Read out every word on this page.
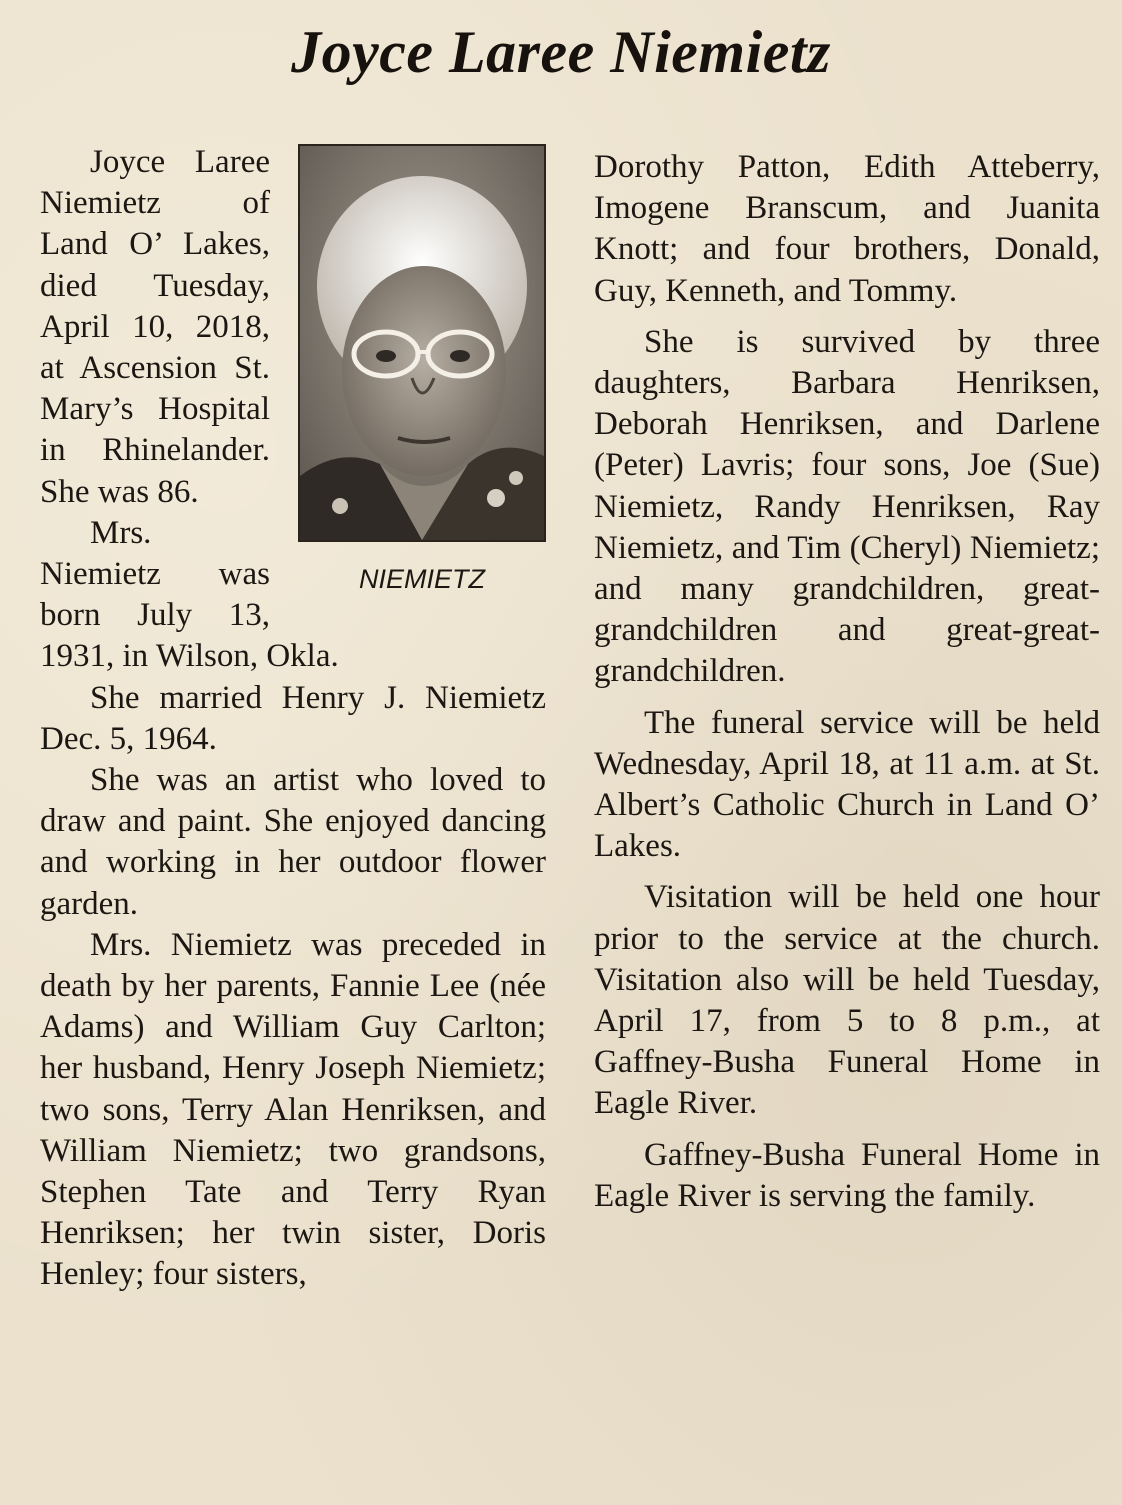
Joyce Laree Niemietz
NIEMIETZ

Joyce Laree Niemietz of Land O’ Lakes, died Tuesday, April 10, 2018, at Ascension St. Mary’s Hospital in Rhinelander. She was 86.

Mrs. Niemietz was born July 13, 1931, in Wilson, Okla.

She married Henry J. Niemietz Dec. 5, 1964.

She was an artist who loved to draw and paint. She enjoyed dancing and working in her outdoor flower garden.

Mrs. Niemietz was preceded in death by her parents, Fannie Lee (née Adams) and William Guy Carlton; her husband, Henry Joseph Niemietz; two sons, Terry Alan Henriksen, and William Niemietz; two grandsons, Stephen Tate and Terry Ryan Henriksen; her twin sister, Doris Henley; four sisters,

Dorothy Patton, Edith Atteberry, Imogene Branscum, and Juanita Knott; and four brothers, Donald, Guy, Kenneth, and Tommy.

She is survived by three daughters, Barbara Henriksen, Deborah Henriksen, and Darlene (Peter) Lavris; four sons, Joe (Sue) Niemietz, Randy Henriksen, Ray Niemietz, and Tim (Cheryl) Niemietz; and many grandchildren, great-grandchildren and great-great-grandchildren.

The funeral service will be held Wednesday, April 18, at 11 a.m. at St. Albert’s Catholic Church in Land O’ Lakes.

Visitation will be held one hour prior to the service at the church. Visitation also will be held Tuesday, April 17, from 5 to 8 p.m., at Gaffney-Busha Funeral Home in Eagle River.

Gaffney-Busha Funeral Home in Eagle River is serving the family.
